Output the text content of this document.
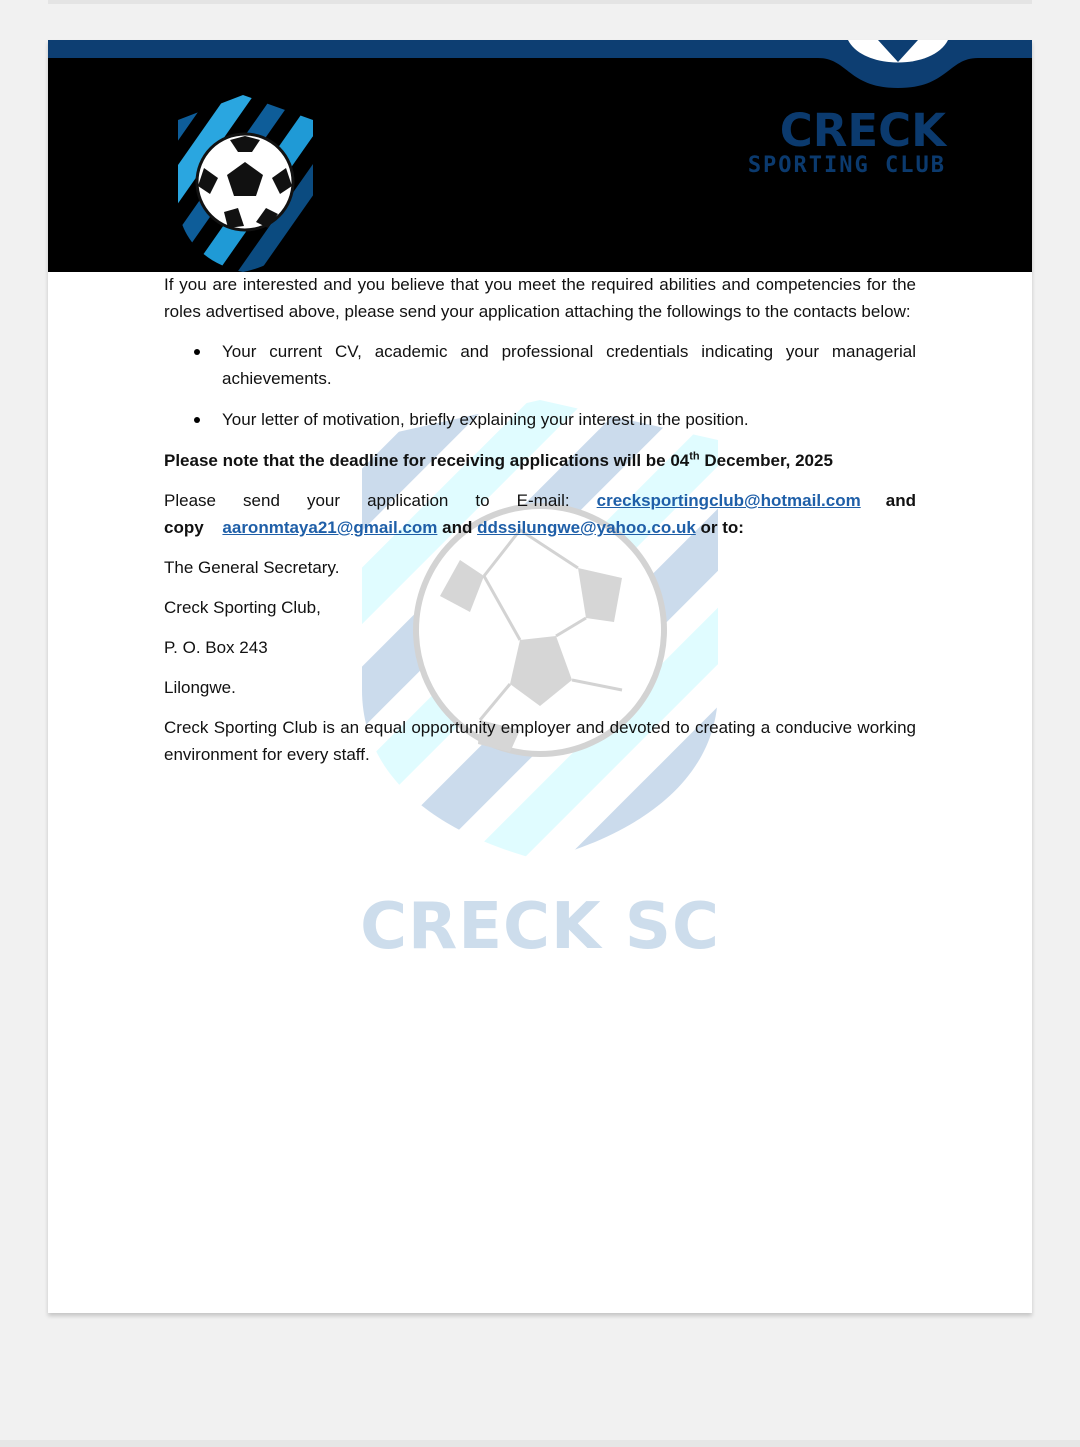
CRECK
SPORTING CLUB
CRECK SC

If you are interested and you believe that you meet the required abilities and competencies for the roles advertised above, please send your application attaching the followings to the contacts below:

Your current CV, academic and professional credentials indicating your managerial achievements.
Your letter of motivation, briefly explaining your interest in the position.

Please note that the deadline for receiving applications will be 04th December, 2025

Please send your application to E-mail: crecksportingclub@hotmail.com and copy aaronmtaya21@gmail.com and ddssilungwe@yahoo.co.uk or to:

The General Secretary.

Creck Sporting Club,

P. O. Box 243

Lilongwe.

Creck Sporting Club is an equal opportunity employer and devoted to creating a conducive working environment for every staff.
